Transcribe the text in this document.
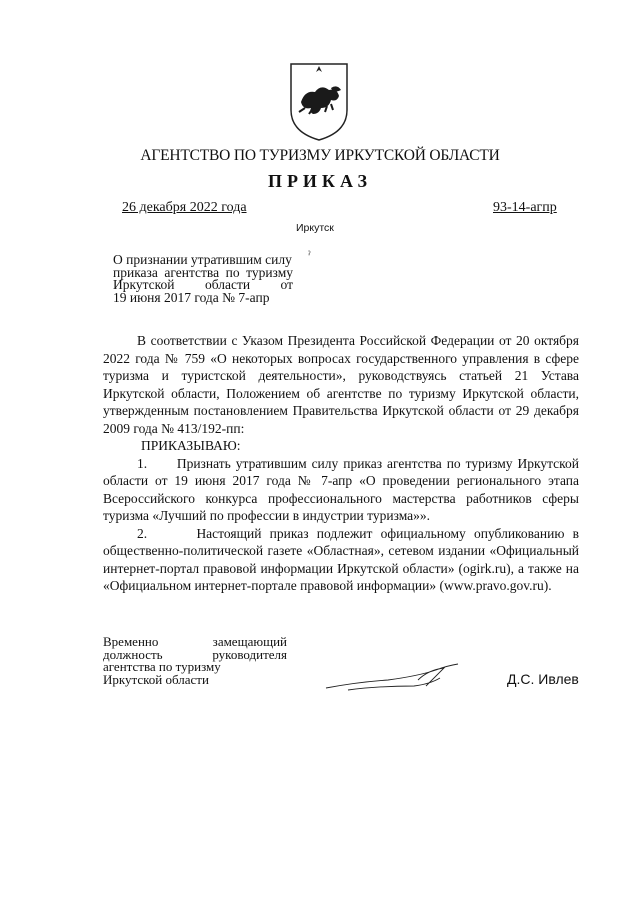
АГЕНТСТВО ПО ТУРИЗМУ ИРКУТСКОЙ ОБЛАСТИ
ПРИКАЗ
26 декабря 2022 года	93-14-агпр
Иркутск
О признании утратившим силу
приказа агентства по туризму
Иркутской области от
19 июня 2017 года № 7-апр
ˀ

В соответствии с Указом Президента Российской Федерации от 20 октября 2022 года № 759 «О некоторых вопросах государственного управления в сфере туризма и туристской деятельности», руководствуясь статьей 21 Устава Иркутской области, Положением об агентстве по туризму Иркутской области, утвержденным постановлением Правительства Иркутской области от 29 декабря 2009 года № 413/192-пп:

ПРИКАЗЫВАЮ:

1.      Признать утратившим силу приказ агентства по туризму Иркутской области от 19 июня 2017 года № 7-апр «О проведении регионального этапа Всероссийского конкурса профессионального мастерства работников сферы туризма «Лучший по профессии в индустрии туризма»».

2.      Настоящий приказ подлежит официальному опубликованию в общественно-политической газете «Областная», сетевом издании «Официальный интернет-портал правовой информации Иркутской области» (ogirk.ru), а также на «Официальном интернет-портале правовой информации» (www.pravo.gov.ru).

Временно замещающий
должность руководителя
агентства по туризму
Иркутской области	Д.С. Ивлев
